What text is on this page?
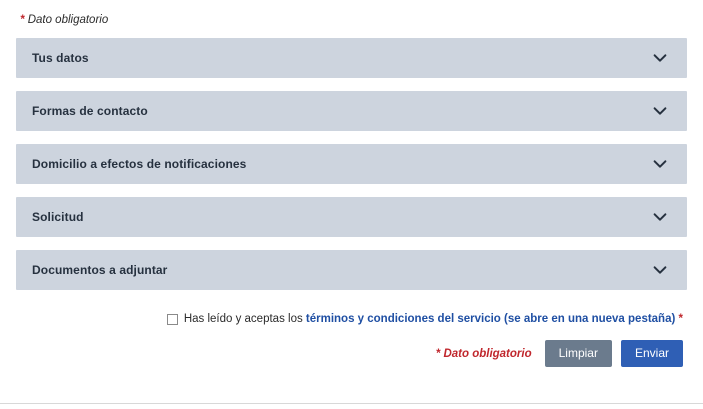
* Dato obligatorio
Tus datos
Formas de contacto
Domicilio a efectos de notificaciones
Solicitud
Documentos a adjuntar
Has leído y aceptas los términos y condiciones del servicio (se abre en una nueva pestaña) *
* Dato obligatorio	Limpiar	Enviar
